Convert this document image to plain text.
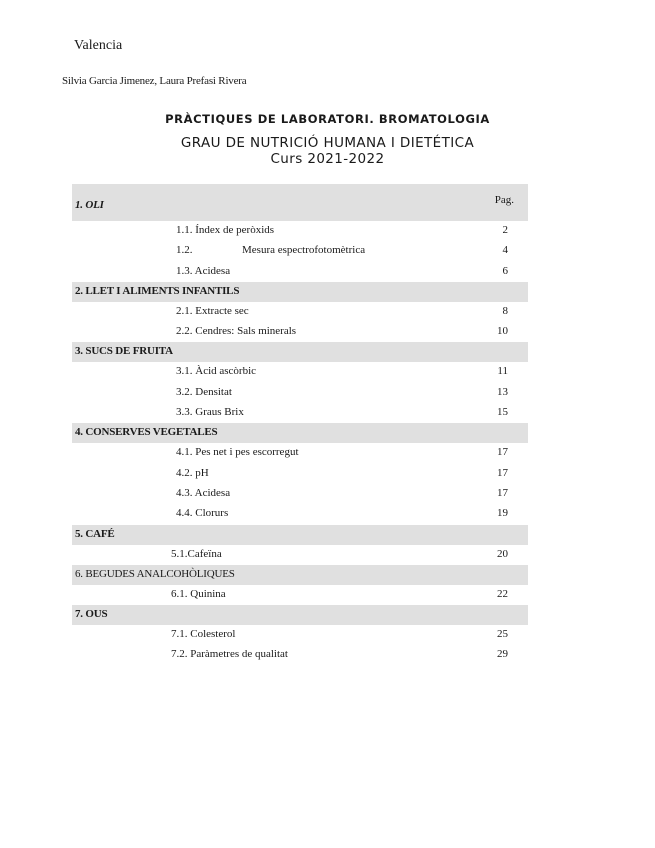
Valencia
Silvia Garcia Jimenez, Laura Prefasi Rivera
PRÀCTIQUES DE LABORATORI. BROMATOLOGIA
GRAU DE NUTRICIÓ HUMANA I DIETÉTICA
Curs 2021-2022
1. OLI	Pag.
1.1. Índex de peròxids	2
1.2.	Mesura espectrofotomètrica	4
1.3. Acidesa	6
2. LLET I ALIMENTS INFANTILS
2.1. Extracte sec	8
2.2. Cendres: Sals minerals	10
3. SUCS DE FRUITA
3.1. Àcid ascòrbic	11
3.2. Densitat	13
3.3. Graus Brix	15
4. CONSERVES VEGETALES
4.1. Pes net i pes escorregut	17
4.2. pH	17
4.3. Acidesa	17
4.4. Clorurs	19
5. CAFÉ
5.1.Cafeïna	20
6. BEGUDES ANALCOHÒLIQUES
6.1. Quinina	22
7. OUS
7.1. Colesterol	25
7.2. Paràmetres de qualitat	29
